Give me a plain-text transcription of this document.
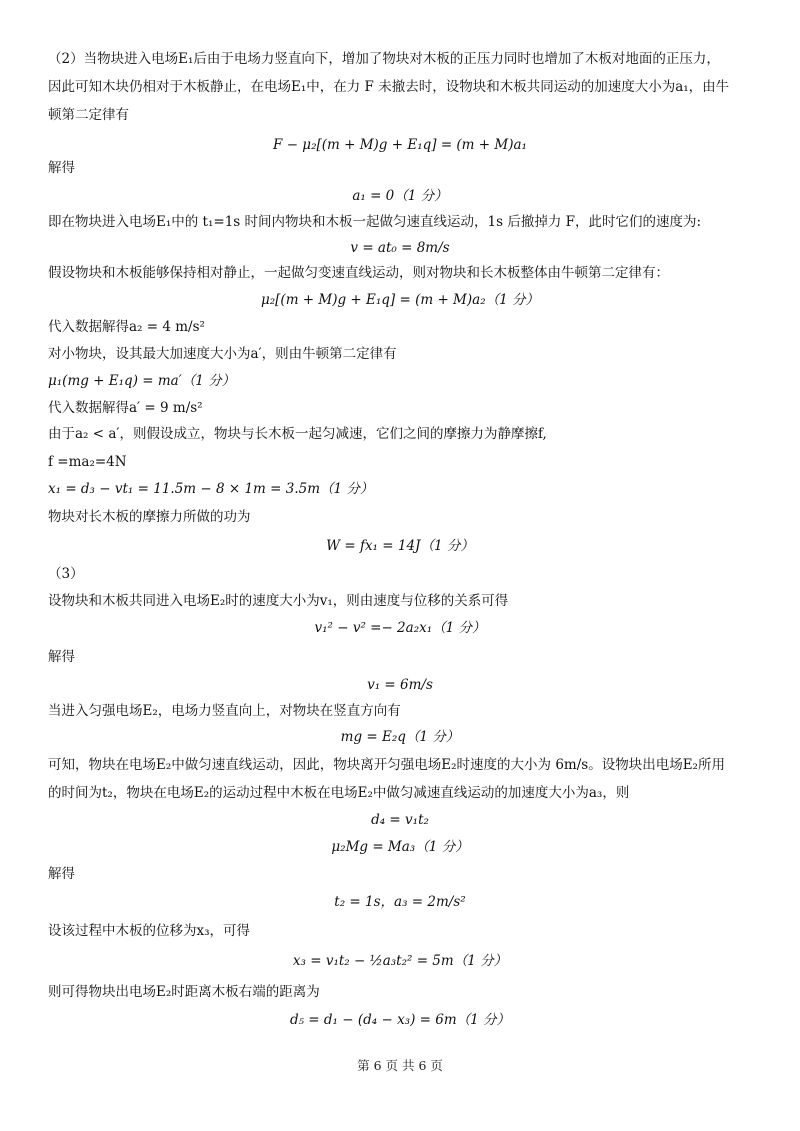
（2）当物块进入电场E₁后由于电场力竖直向下，增加了物块对木板的正压力同时也增加了木板对地面的正压力，
因此可知木块仍相对于木板静止，在电场E₁中，在力 F 未撤去时，设物块和木板共同运动的加速度大小为a₁，由牛
顿第二定律有
F − μ₂[(m + M)g + E₁q] = (m + M)a₁
解得
a₁ = 0（1 分）
即在物块进入电场E₁中的 t₁=1s 时间内物块和木板一起做匀速直线运动，1s 后撤掉力 F，此时它们的速度为:
v = at₀ = 8m/s
假设物块和木板能够保持相对静止，一起做匀变速直线运动，则对物块和长木板整体由牛顿第二定律有：
μ₂[(m + M)g + E₁q] = (m + M)a₂（1 分）
代入数据解得a₂ = 4 m/s²
对小物块，设其最大加速度大小为a′，则由牛顿第二定律有
μ₁(mg + E₁q) = ma′（1 分）
代入数据解得a′ = 9 m/s²
由于a₂ < a′，则假设成立，物块与长木板一起匀减速，它们之间的摩擦力为静摩擦f,
f =ma₂=4N
x₁ = d₃ − vt₁ = 11.5m − 8 × 1m = 3.5m（1 分）
物块对长木板的摩擦力所做的功为
W = fx₁ = 14J（1 分）
（3）
设物块和木板共同进入电场E₂时的速度大小为v₁，则由速度与位移的关系可得
v₁² − v² =− 2a₂x₁（1 分）
解得
v₁ = 6m/s
当进入匀强电场E₂，电场力竖直向上，对物块在竖直方向有
mg = E₂q（1 分）
可知，物块在电场E₂中做匀速直线运动，因此，物块离开匀强电场E₂时速度的大小为 6m/s。设物块出电场E₂所用
的时间为t₂，物块在电场E₂的运动过程中木板在电场E₂中做匀减速直线运动的加速度大小为a₃，则
d₄ = v₁t₂
μ₂Mg = Ma₃（1 分）
解得
t₂ = 1s，a₃ = 2m/s²
设该过程中木板的位移为x₃，可得
x₃ = v₁t₂ − ½a₃t₂² = 5m（1 分）
则可得物块出电场E₂时距离木板右端的距离为
d₅ = d₁ − (d₄ − x₃) = 6m（1 分）
第 6 页 共 6 页
